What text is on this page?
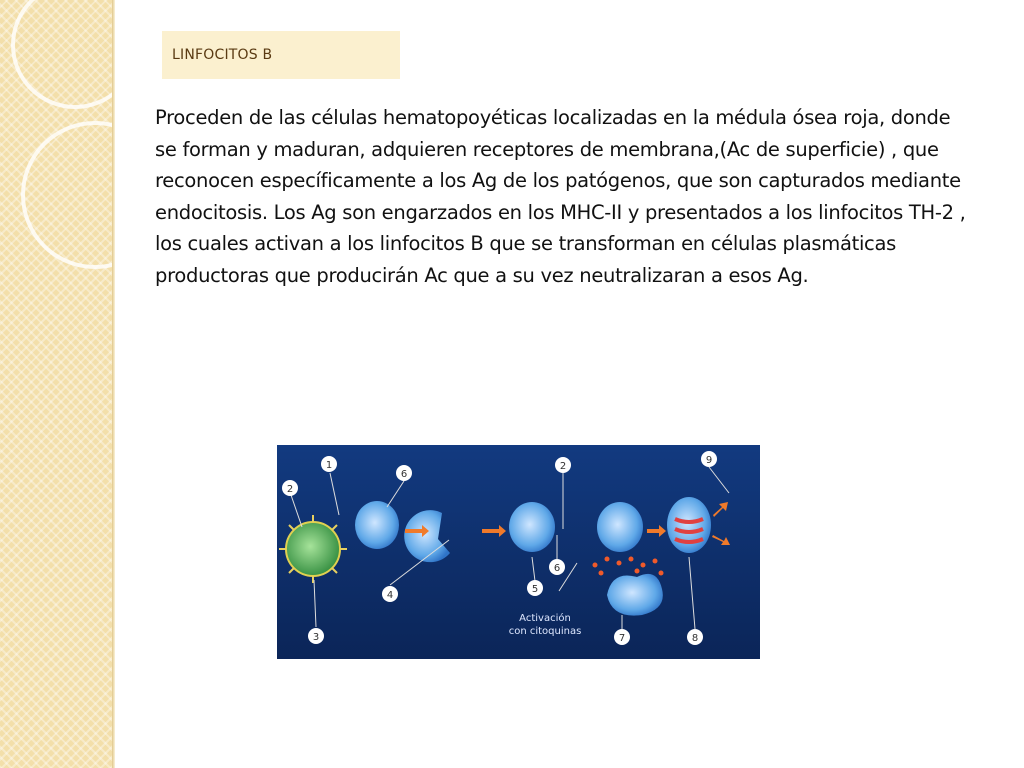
LINFOCITOS B

Proceden de las células hematopoyéticas localizadas en la médula ósea roja, donde se forman y maduran, adquieren receptores de membrana,(Ac de superficie) , que reconocen específicamente a los Ag de los patógenos, que son capturados mediante endocitosis. Los Ag son engarzados en los MHC-II y presentados a los linfocitos TH-2 , los cuales activan a los linfocitos B que se transforman en células plasmáticas productoras que producirán Ac que a su vez neutralizaran a esos Ag.

1
2
3
4
5
6
7	8
9
2
6
Activación
con citoquinas
